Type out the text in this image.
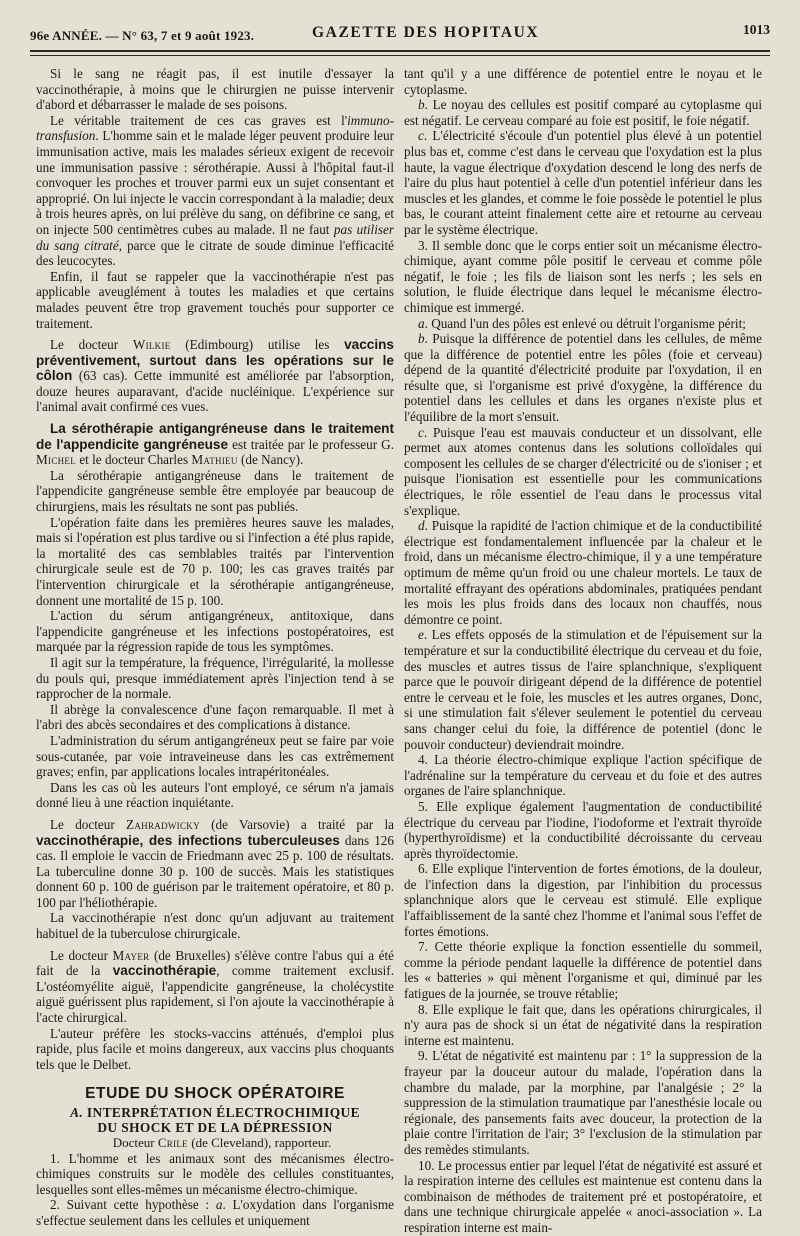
96e ANNÉE. — N° 63, 7 et 9 août 1923.	GAZETTE DES HOPITAUX	1013

Si le sang ne réagit pas, il est inutile d'essayer la vaccinothérapie, à moins que le chirurgien ne puisse intervenir d'abord et débarrasser le malade de ses poisons.

Le véritable traitement de ces cas graves est l'immuno-transfusion. L'homme sain et le malade léger peuvent produire leur immunisation active, mais les malades sérieux exigent de recevoir une immunisation passive : sérothérapie. Aussi à l'hôpital faut-il convoquer les proches et trouver parmi eux un sujet consentant et approprié. On lui injecte le vaccin correspondant à la maladie; deux à trois heures après, on lui prélève du sang, on défibrine ce sang, et on injecte 500 centimètres cubes au malade. Il ne faut pas utiliser du sang citraté, parce que le citrate de soude diminue l'efficacité des leucocytes.

Enfin, il faut se rappeler que la vaccinothérapie n'est pas applicable aveuglément à toutes les maladies et que certains malades peuvent être trop gravement touchés pour supporter ce traitement.

Le docteur Wilkie (Edimbourg) utilise les vaccins préventivement, surtout dans les opérations sur le côlon (63 cas). Cette immunité est améliorée par l'absorption, douze heures auparavant, d'acide nucléinique. L'expérience sur l'animal avait confirmé ces vues.

La sérothérapie antigangréneuse dans le traitement de l'appendicite gangréneuse est traitée par le professeur G. Michel et le docteur Charles Mathieu (de Nancy).

La sérothérapie antigangréneuse dans le traitement de l'appendicite gangréneuse semble être employée par beaucoup de chirurgiens, mais les résultats ne sont pas publiés.

L'opération faite dans les premières heures sauve les malades, mais si l'opération est plus tardive ou si l'infection a été plus rapide, la mortalité des cas semblables traités par l'intervention chirurgicale seule est de 70 p. 100; les cas graves traités par l'intervention chirurgicale et la sérothérapie antigangréneuse, donnent une mortalité de 15 p. 100.

L'action du sérum antigangréneux, antitoxique, dans l'appendicite gangréneuse et les infections postopératoires, est marquée par la régression rapide de tous les symptômes.

Il agit sur la température, la fréquence, l'irrégularité, la mollesse du pouls qui, presque immédiatement après l'injection tend à se rapprocher de la normale.

Il abrège la convalescence d'une façon remarquable. Il met à l'abri des abcès secondaires et des complications à distance.

L'administration du sérum antigangréneux peut se faire par voie sous-cutanée, par voie intraveineuse dans les cas extrêmement graves; enfin, par applications locales intrapéritonéales.

Dans les cas où les auteurs l'ont employé, ce sérum n'a jamais donné lieu à une réaction inquiétante.

Le docteur Zahradwicky (de Varsovie) a traité par la vaccinothérapie, des infections tuberculeuses dans 126 cas. Il emploie le vaccin de Friedmann avec 25 p. 100 de résultats. La tuberculine donne 30 p. 100 de succès. Mais les statistiques donnent 60 p. 100 de guérison par le traitement opératoire, et 80 p. 100 par l'héliothérapie.

La vaccinothérapie n'est donc qu'un adjuvant au traitement habituel de la tuberculose chirurgicale.

Le docteur Mayer (de Bruxelles) s'élève contre l'abus qui a été fait de la vaccinothérapie, comme traitement exclusif. L'ostéomyélite aiguë, l'appendicite gangréneuse, la cholécystite aiguë guérissent plus rapidement, si l'on ajoute la vaccinothérapie à l'acte chirurgical.

L'auteur préfère les stocks-vaccins atténués, d'emploi plus rapide, plus facile et moins dangereux, aux vaccins plus choquants tels que le Delbet.

ETUDE DU SHOCK OPÉRATOIRE
A. INTERPRÉTATION ÉLECTROCHIMIQUE
DU SHOCK ET DE LA DÉPRESSION

Docteur Crile (de Cleveland), rapporteur.

1. L'homme et les animaux sont des mécanismes électro-chimiques construits sur le modèle des cellules constituantes, lesquelles sont elles-mêmes un mécanisme électro-chimique.

2. Suivant cette hypothèse : a. L'oxydation dans l'organisme s'effectue seulement dans les cellules et uniquement

tant qu'il y a une différence de potentiel entre le noyau et le cytoplasme.

b. Le noyau des cellules est positif comparé au cytoplasme qui est négatif. Le cerveau comparé au foie est positif, le foie négatif.

c. L'électricité s'écoule d'un potentiel plus élevé à un potentiel plus bas et, comme c'est dans le cerveau que l'oxydation est la plus haute, la vague électrique d'oxydation descend le long des nerfs de l'aire du plus haut potentiel à celle d'un potentiel inférieur dans les muscles et les glandes, et comme le foie possède le potentiel le plus bas, le courant atteint finalement cette aire et retourne au cerveau par le système électrique.

3. Il semble donc que le corps entier soit un mécanisme électro-chimique, ayant comme pôle positif le cerveau et comme pôle négatif, le foie ; les fils de liaison sont les nerfs ; les sels en solution, le fluide électrique dans lequel le mécanisme électro-chimique est immergé.

a. Quand l'un des pôles est enlevé ou détruit l'organisme périt;

b. Puisque la différence de potentiel dans les cellules, de même que la différence de potentiel entre les pôles (foie et cerveau) dépend de la quantité d'électricité produite par l'oxydation, il en résulte que, si l'organisme est privé d'oxygène, la différence du potentiel dans les cellules et dans les organes n'existe plus et l'équilibre de la mort s'ensuit.

c. Puisque l'eau est mauvais conducteur et un dissolvant, elle permet aux atomes contenus dans les solutions colloïdales qui composent les cellules de se charger d'électricité ou de s'ioniser ; et puisque l'ionisation est essentielle pour les communications électriques, le rôle essentiel de l'eau dans le processus vital s'explique.

d. Puisque la rapidité de l'action chimique et de la conductibilité électrique est fondamentalement influencée par la chaleur et le froid, dans un mécanisme électro-chimique, il y a une température optimum de même qu'un froid ou une chaleur mortels. Le taux de mortalité effrayant des opérations abdominales, pratiquées pendant les mois les plus froids dans des locaux non chauffés, nous démontre ce point.

e. Les effets opposés de la stimulation et de l'épuisement sur la température et sur la conductibilité électrique du cerveau et du foie, des muscles et autres tissus de l'aire splanchnique, s'expliquent parce que le pouvoir dirigeant dépend de la différence de potentiel entre le cerveau et le foie, les muscles et les autres organes, Donc, si une stimulation fait s'élever seulement le potentiel du cerveau sans changer celui du foie, la différence de potentiel (donc le pouvoir conducteur) deviendrait moindre.

4. La théorie électro-chimique explique l'action spécifique de l'adrénaline sur la température du cerveau et du foie et des autres organes de l'aire splanchnique.

5. Elle explique également l'augmentation de conductibilité électrique du cerveau par l'iodine, l'iodoforme et l'extrait thyroïde (hyperthyroïdisme) et la conductibilité décroissante du cerveau après thyroïdectomie.

6. Elle explique l'intervention de fortes émotions, de la douleur, de l'infection dans la digestion, par l'inhibition du processus splanchnique alors que le cerveau est stimulé. Elle explique l'affaiblissement de la santé chez l'homme et l'animal sous l'effet de fortes émotions.

7. Cette théorie explique la fonction essentielle du sommeil, comme la période pendant laquelle la différence de potentiel dans les « batteries » qui mènent l'organisme et qui, diminué par les fatigues de la journée, se trouve rétablie;

8. Elle explique le fait que, dans les opérations chirurgicales, il n'y aura pas de shock si un état de négativité dans la respiration interne est maintenu.

9. L'état de négativité est maintenu par : 1° la suppression de la frayeur par la douceur autour du malade, l'opération dans la chambre du malade, par la morphine, par l'analgésie ; 2° la suppression de la stimulation traumatique par l'anesthésie locale ou régionale, des pansements faits avec douceur, la protection de la plaie contre l'irritation de l'air; 3° l'exclusion de la stimulation par des remèdes stimulants.

10. Le processus entier par lequel l'état de négativité est assuré et la respiration interne des cellules est maintenue est contenu dans la combinaison de méthodes de traitement pré et postopératoire, et dans une technique chirurgicale appelée « anoci-association ». La respiration interne est main-
